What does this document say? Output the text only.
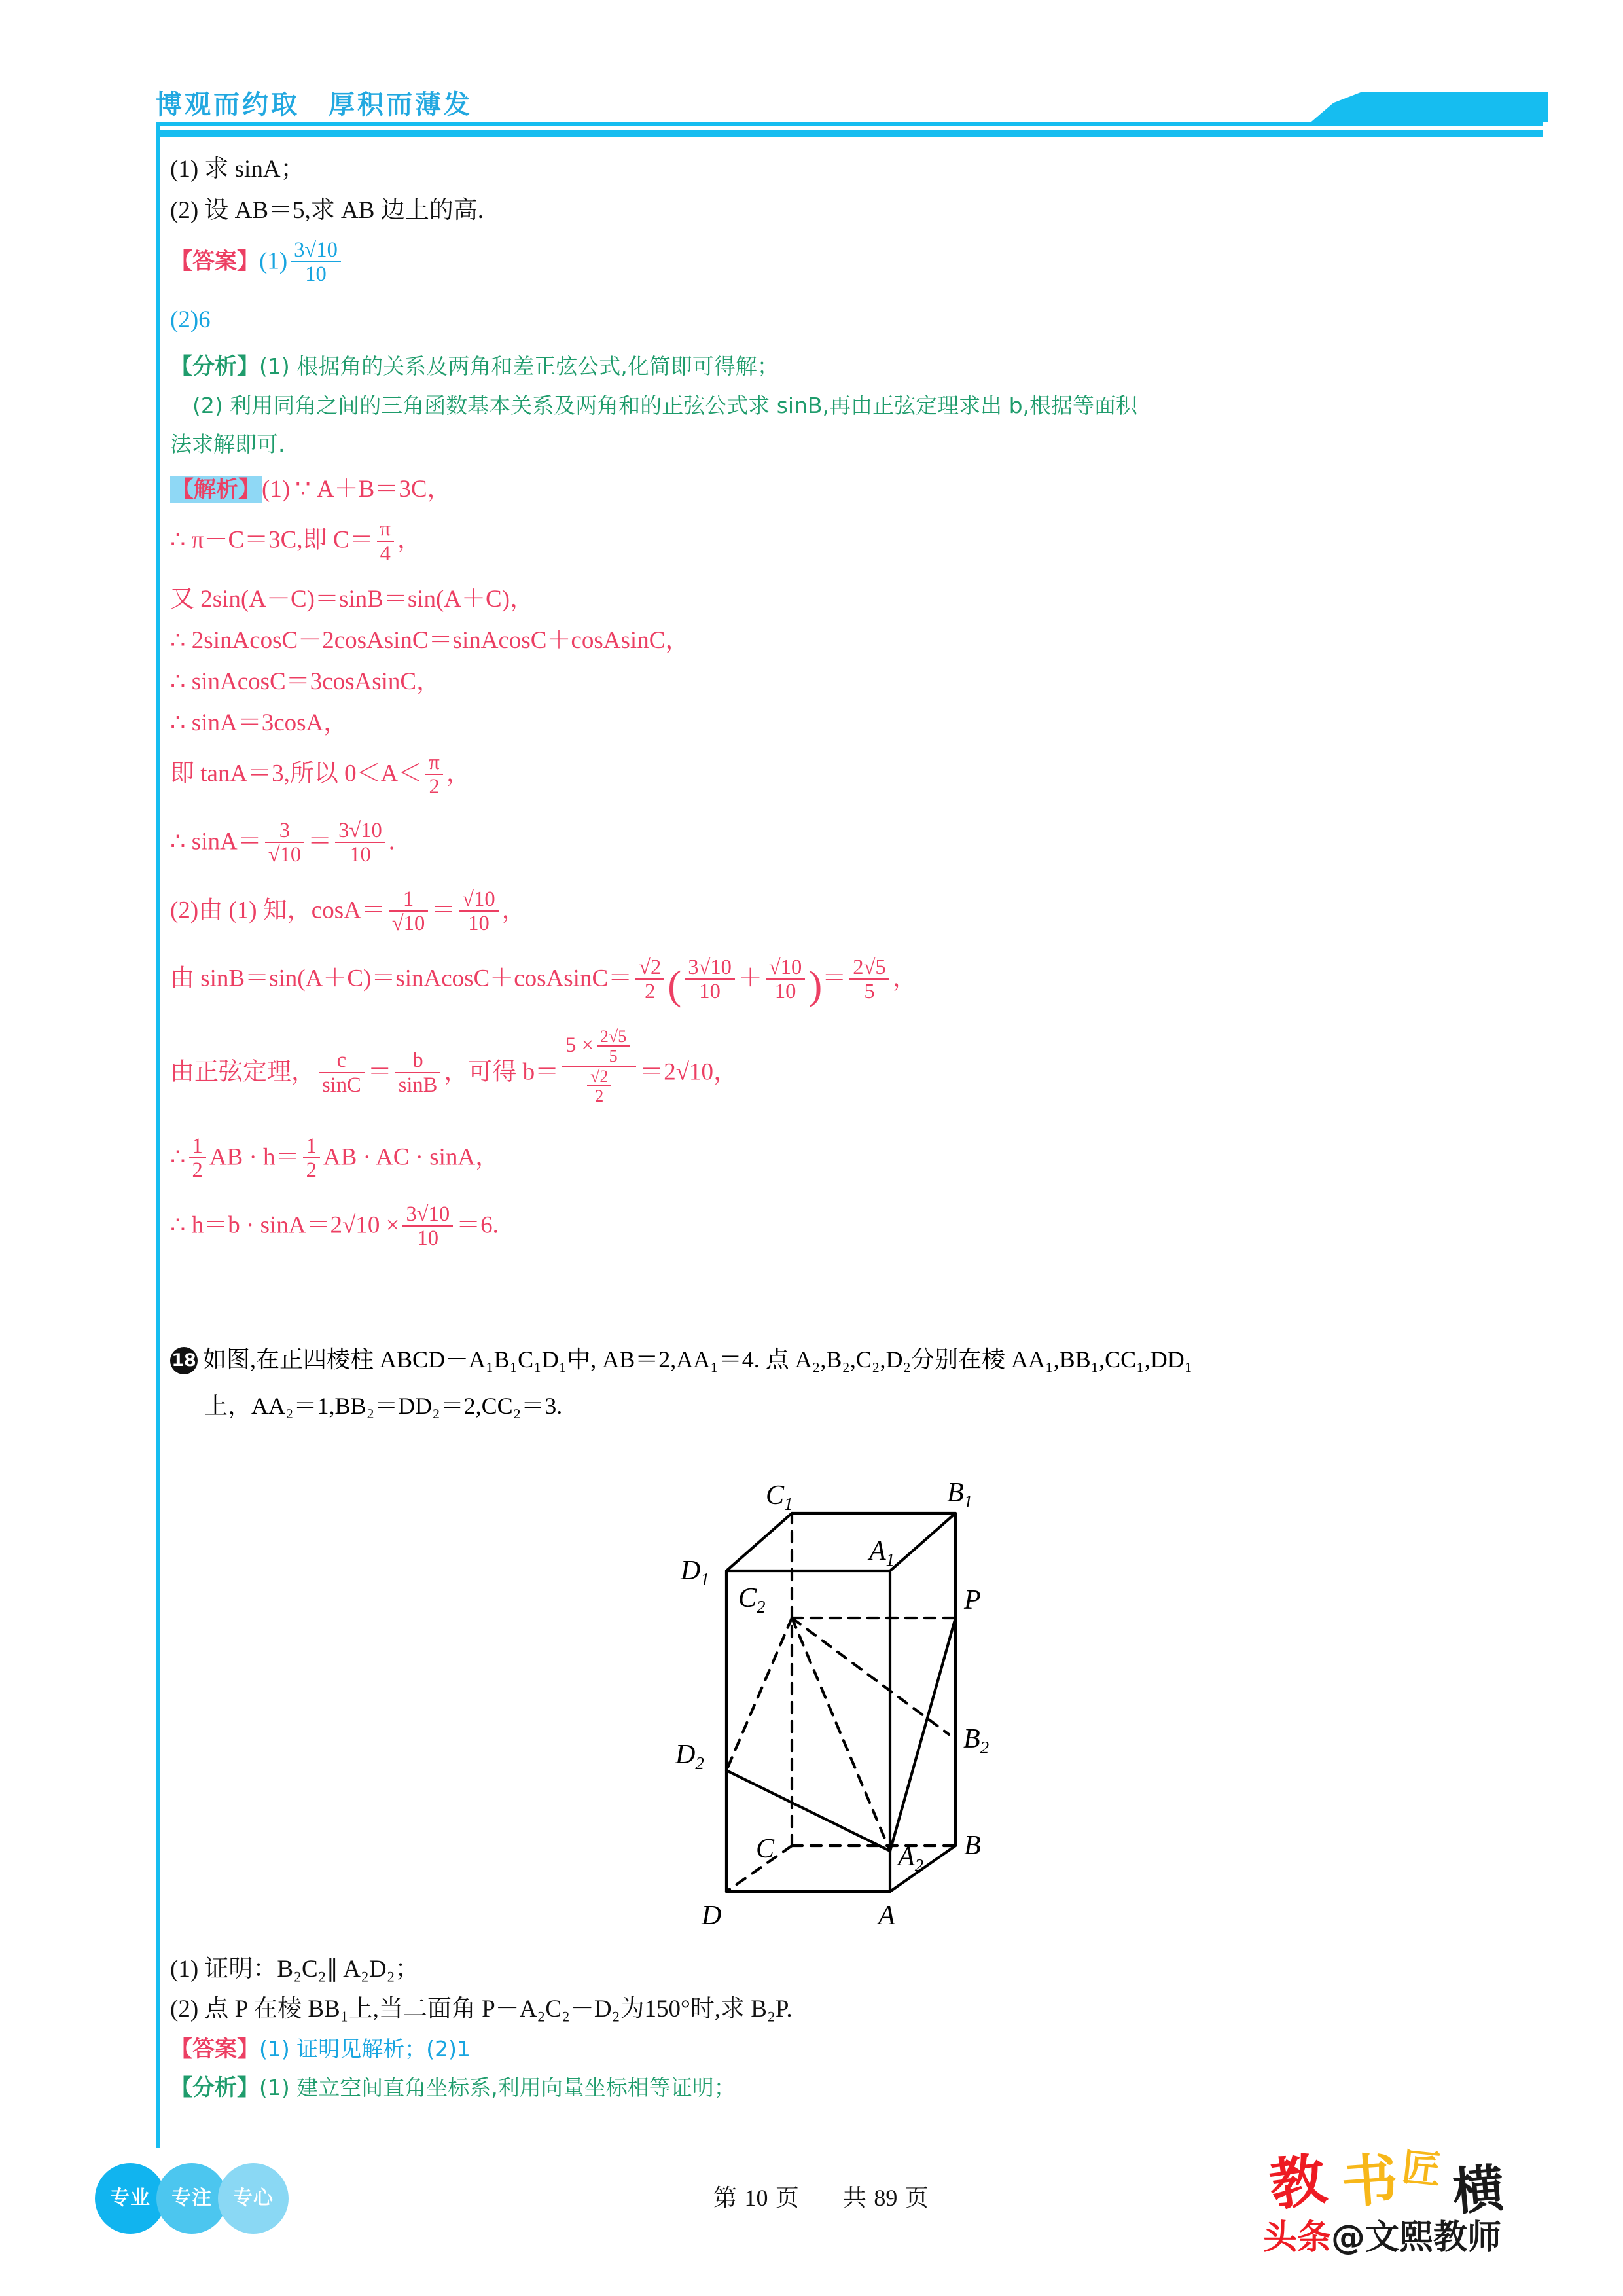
博观而约取　厚积而薄发
(1) 求 sinA；
(2) 设 AB＝5,求 AB 边上的高.
【答案】$(1) \frac{3√10}{10}$
(2)6
【分析】(1) 根据角的关系及两角和差正弦公式,化简即可得解；
(2) 利用同角之间的三角函数基本关系及两角和的正弦公式求 sinB,再由正弦定理求出 b,根据等面积
法求解即可.
【解析】(1) ∵ A＋B＝3C，
∴ π－C＝3C,即 $C= \frac{\pi}{4}$ ，
又 2sin(A－C)＝sinB＝sin(A＋C)，
∴ 2sinAcosC－2cosAsinC＝sinAcosC＋cosAsinC，
∴ sinAcosC＝3cosAsinC，
∴ sinA＝3cosA，
即 tanA＝3,所以 $0<A< \frac{\pi}{2}$ ，
∴ $\sin A= \frac{3}{√10} = \frac{3√10}{10}$ .
(2)由 (1) 知，$\cos A= \frac{1}{√10} = \frac{√10}{10}$ ，
由 sinB＝sin(A＋C)＝sinAcosC＋cosAsinC＝ $\frac{√2}{2}$ ( $\frac{3√10}{10} + \frac{√10}{10}$ )＝ $\frac{2√5}{5}$ ，
由正弦定理， $\frac{c}{\sin C} = \frac{b}{\sin B}$ ，可得 $b= \frac{5 \times \frac{2√5}{5}}{\frac{√2}{2}} =2√10$，
∴ $\frac{1}{2}$ AB · $h= \frac{1}{2}$ AB · AC · sinA，
∴ $h=b \cdot \sin A=2√10 \times \frac{3√10}{10} =6$.
18 如图,在正四棱柱 ABCD－A₁B₁C₁D₁中, AB＝2,AA₁＝4. 点 A₂,B₂,C₂,D₂分别在棱 AA₁,BB₁,CC₁,DD₁
上，AA₂＝1,BB₂＝DD₂＝2,CC₂＝3.
$C_1$	$B_1$
$A_1$
$D_1$
$C_2$	P
$B_2$
$D_2$
$A_2$
B
C
D	A
(1) 证明：B₂C₂∥ A₂D₂；
(2) 点 P 在棱 BB₁上,当二面角 P－A₂C₂－D₂为150°时,求 B₂P.
【答案】(1) 证明见解析；(2)1
【分析】(1) 建立空间直角坐标系,利用向量坐标相等证明；
专业 专注 专心	第 10 页 共 89 页	教 书 匠 横
头条@文熙教师
